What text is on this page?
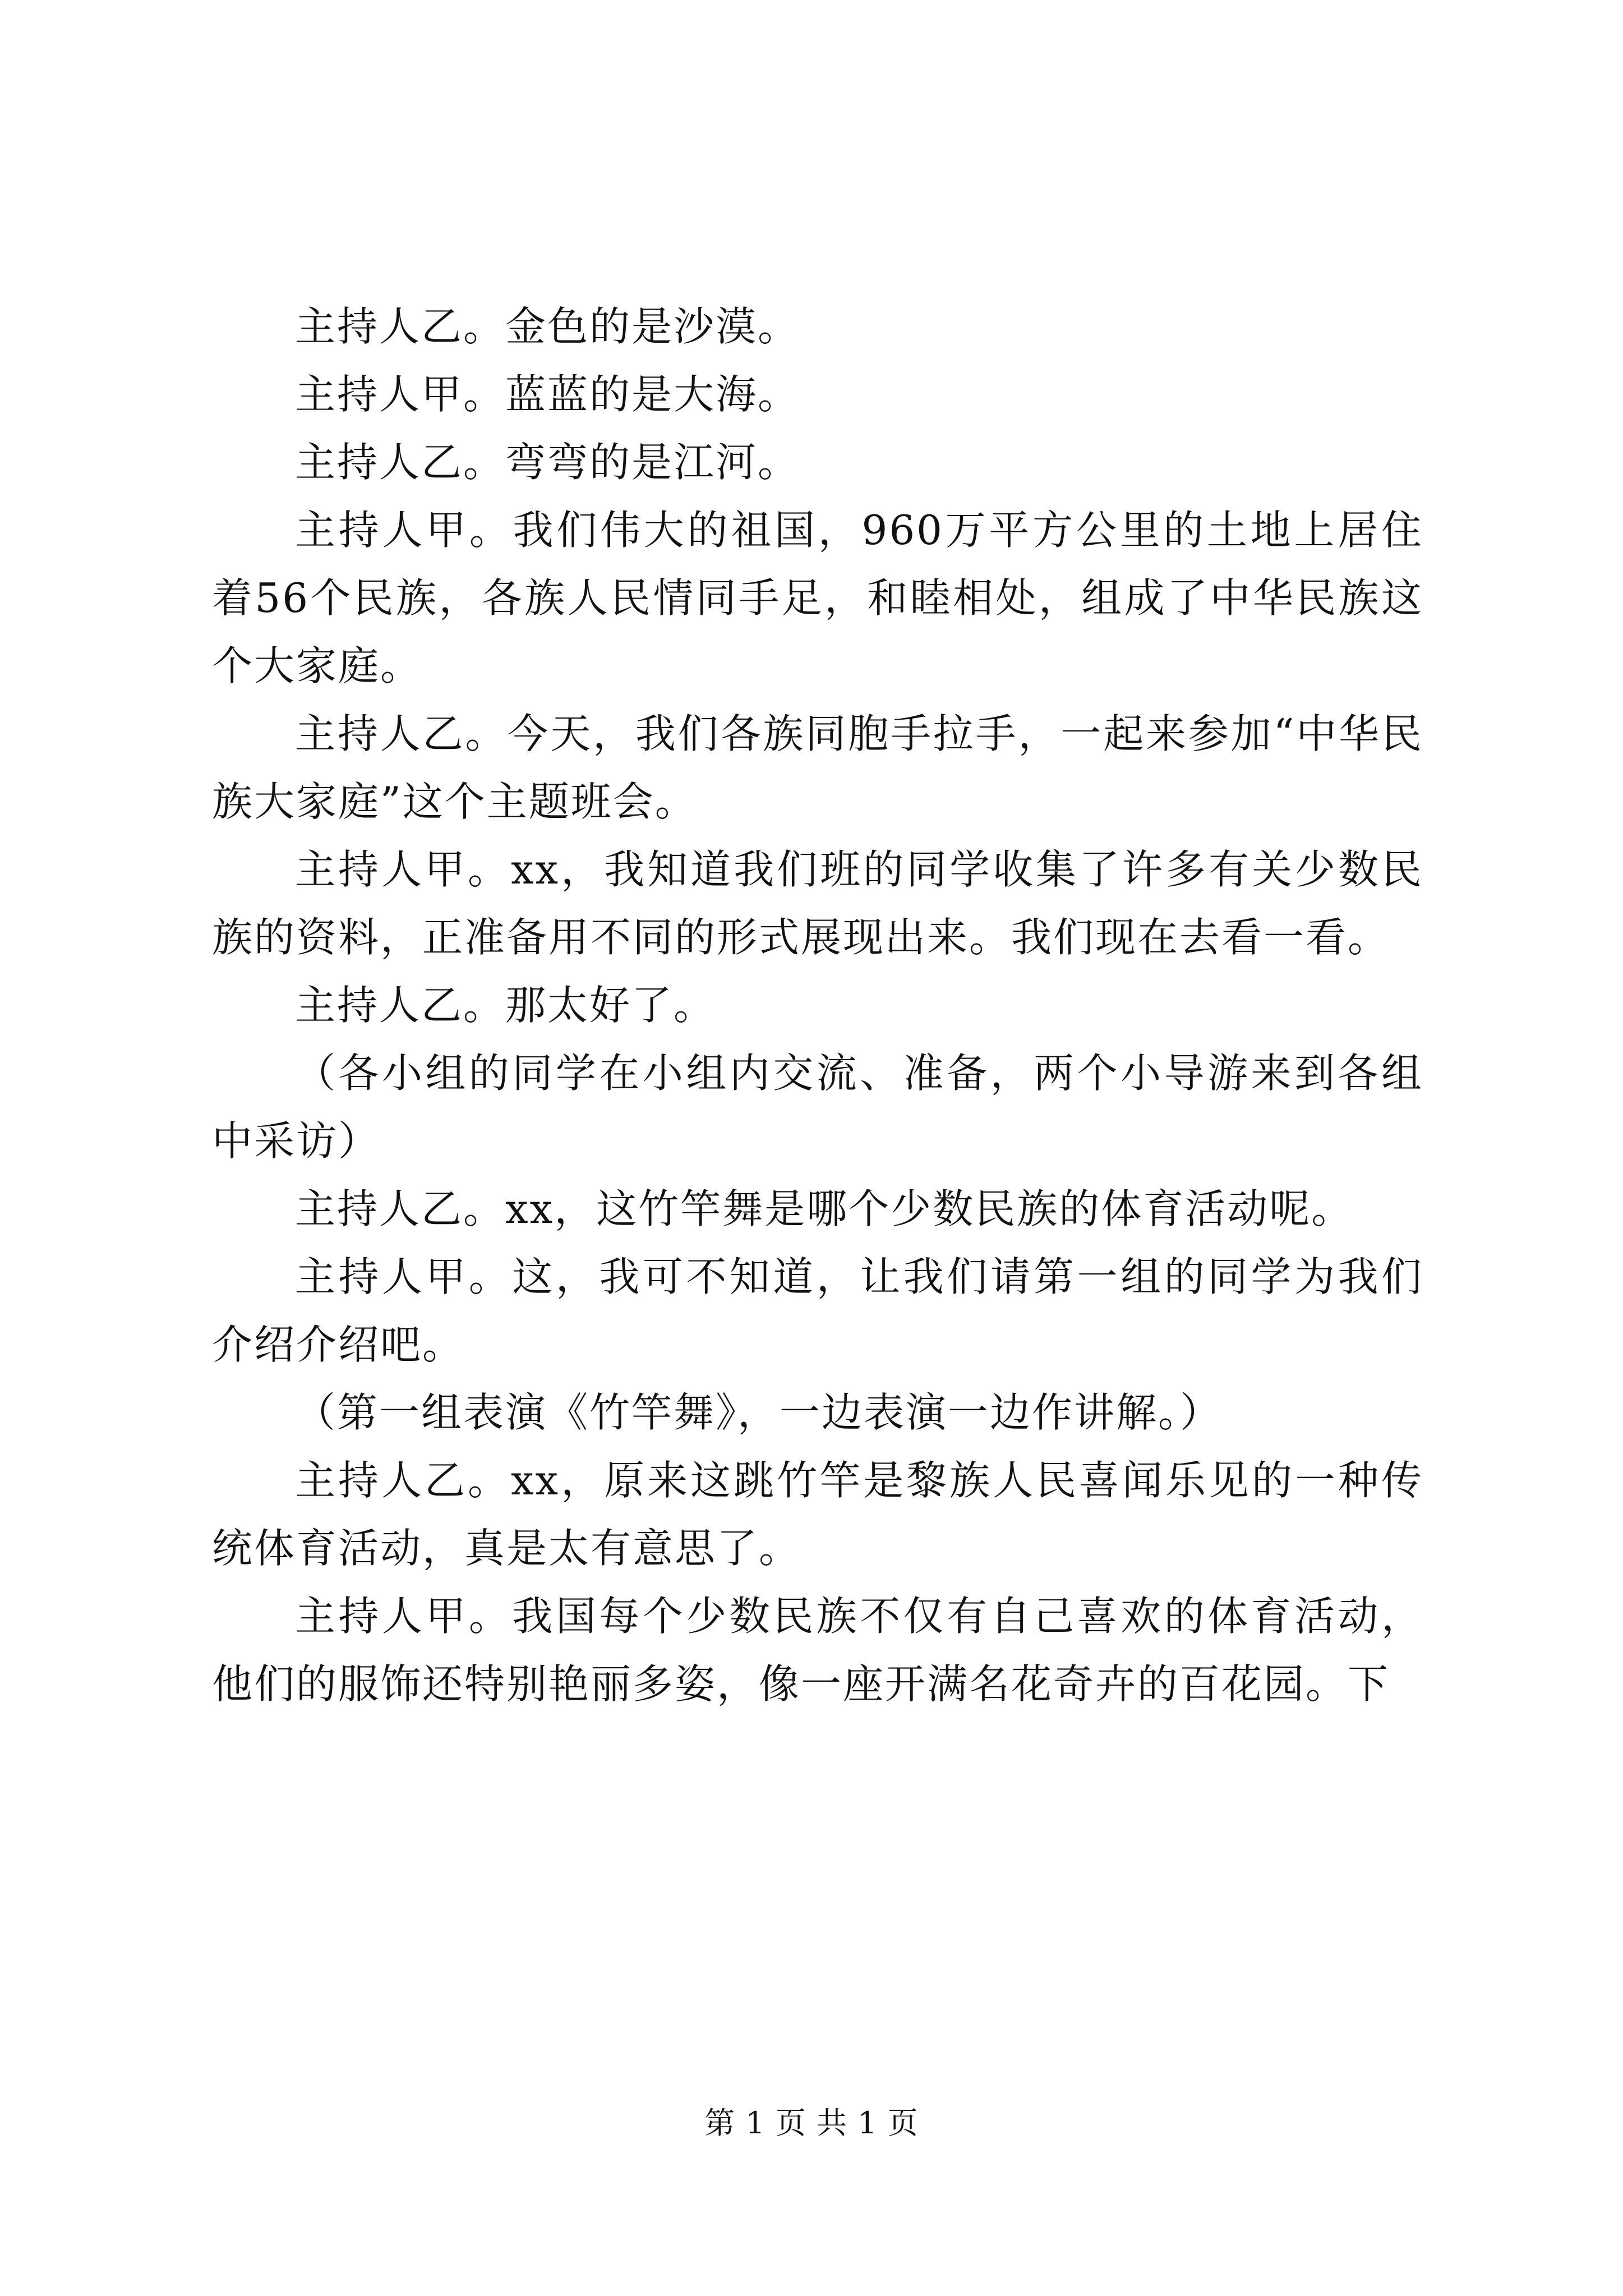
主持人乙。金色的是沙漠。

主持人甲。蓝蓝的是大海。

主持人乙。弯弯的是江河。

主持人甲。我们伟大的祖国，960万平方公里的土地上居住着56个民族，各族人民情同手足，和睦相处，组成了中华民族这个大家庭。

主持人乙。今天，我们各族同胞手拉手，一起来参加“中华民族大家庭”这个主题班会。

主持人甲。xx，我知道我们班的同学收集了许多有关少数民族的资料，正准备用不同的形式展现出来。我们现在去看一看。

主持人乙。那太好了。

（各小组的同学在小组内交流、准备，两个小导游来到各组中采访）

主持人乙。xx，这竹竿舞是哪个少数民族的体育活动呢。

主持人甲。这，我可不知道，让我们请第一组的同学为我们介绍介绍吧。

（第一组表演《竹竿舞》，一边表演一边作讲解。）

主持人乙。xx，原来这跳竹竿是黎族人民喜闻乐见的一种传统体育活动，真是太有意思了。

主持人甲。我国每个少数民族不仅有自己喜欢的体育活动，他们的服饰还特别艳丽多姿，像一座开满名花奇卉的百花园。下

第 1 页 共 1 页
